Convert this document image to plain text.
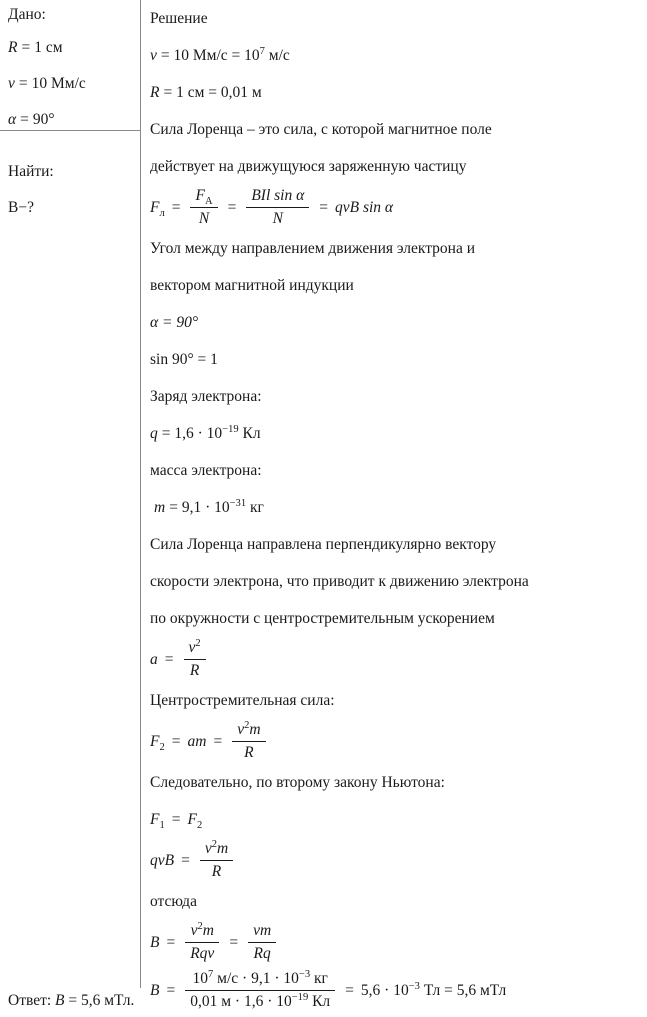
Дано:
R = 1 см
v = 10 Мм/с
α = 90°
Найти:
B−?
Решение
v = 10 $Мм/с = 10^7$ м/с
R = 1 см = 0,01 м
Сила Лоренца – это сила, с которой магнитное поле
действует на движущуюся заряженную частицу
$F_л = \frac{F_A}{N} = \frac{\text{BIl sin α}}{N}$ = qvB sin α
Угол между направлением движения электрона и
вектором магнитной индукции
α = 90°
sin 90° = 1
Заряд электрона:
$q = 1,6 \cdot 10^{-19}$ Кл
масса электрона:
$m = 9,1 \cdot 10^{-31}$ кг
Сила Лоренца направлена перпендикулярно вектору
скорости электрона, что приводит к движению электрона
по окружности с центростремительным ускорением
$a = \frac{v^2}{R}$
Центростремительная сила:
$F_2$ = am = $\frac{v^2m}{R}$
Следовательно, по второму закону Ньютона:
$F_1 = F_2$
qvB = $\frac{v^2m}{R}$
отсюда
$B = \frac{v^2m}{\text{Rqv}} = \frac{vm}{Rq}$
$B = \frac{10^7 м/с \cdot 9,1 \cdot 10^{-3} кг}{0,01 м \cdot 1,6 \cdot 10^{-19} Кл} = 5,6 \cdot 10^{-3}$ Тл = 5,6 мТл
Ответ: B = 5,6 мТл.
